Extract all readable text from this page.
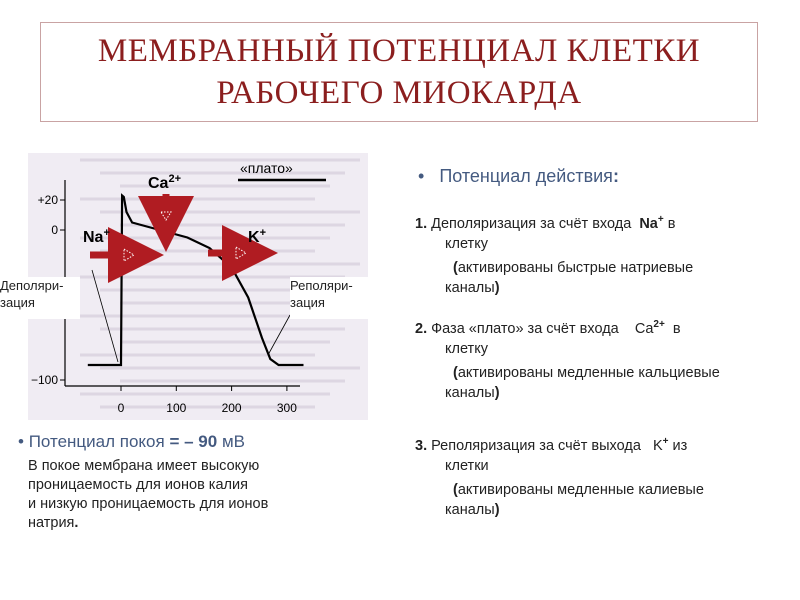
МЕМБРАННЫЙ ПОТЕНЦИАЛ КЛЕТКИ
РАБОЧЕГО МИОКАРДА
+20
0
−100
0	100	200	300
«плато»
$Ca^{2+}$
Na+	K+
Деполяри-
зация
Реполяри-
зация
• Потенциал действия:
1. Деполяризация за счёт входа Na+ в
клетку
(активированы быстрые натриевые
каналы)
2. Фаза «плато» за счёт входа $Ca^{2+}$ в
клетку
(активированы медленные кальциевые
каналы)
3. Реполяризация за счёт выхода K+ из
клетки
(активированы медленные калиевые
каналы)
• Потенциал покоя = – 90 мВ
В покое мембрана имеет высокую
проницаемость для ионов калия
и низкую проницаемость для ионов
натрия.
